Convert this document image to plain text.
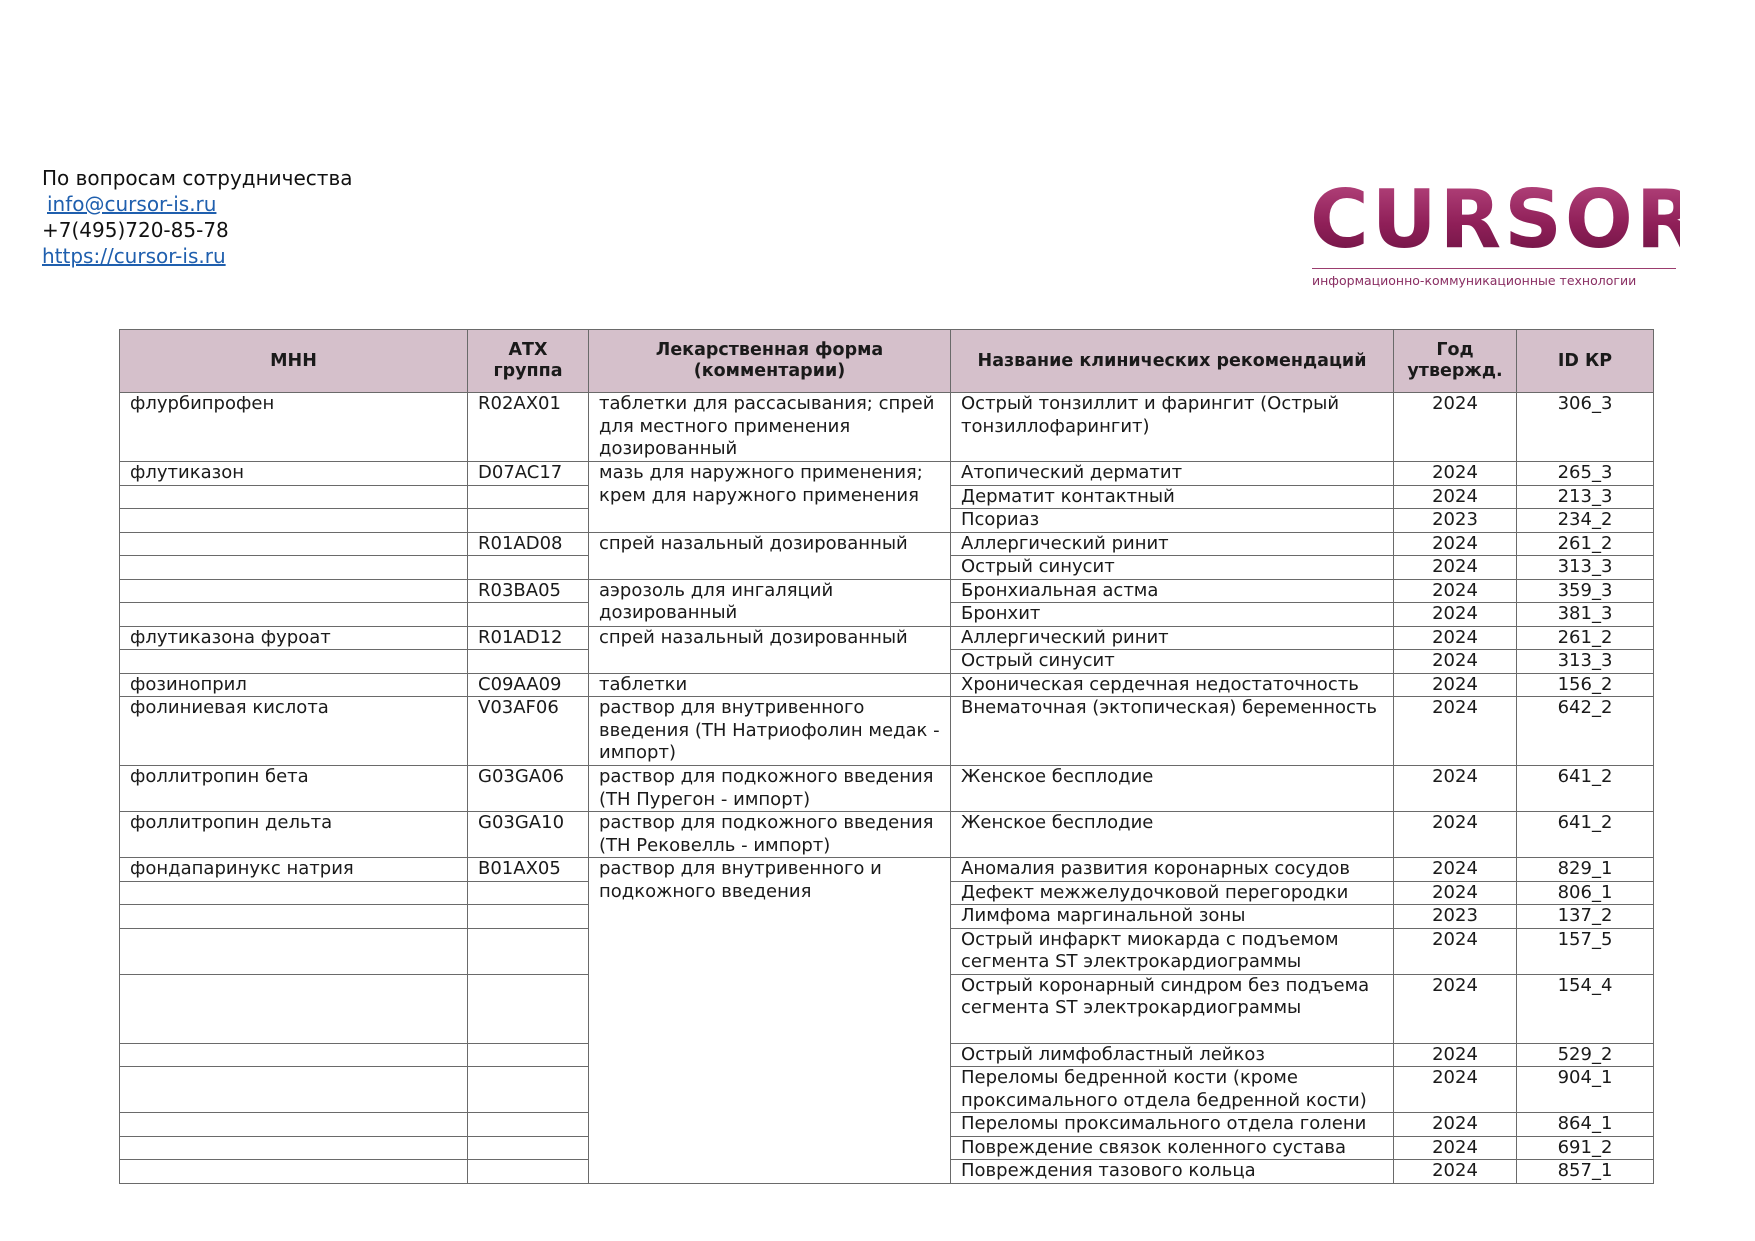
По вопросам сотрудничества
info@cursor-is.ru
+7(495)720-85-78
https://cursor-is.ru	CURSOR
информационно-коммуникационные технологии
МНН	АТХ группа	Лекарственная форма (комментарии)	Название клинических рекомендаций	Год утвержд.	ID КР
флурбипрофен	R02AX01	таблетки для рассасывания; спрей для местного применения дозированный	Острый тонзиллит и фарингит (Острый тонзиллофарингит)	2024	306_3
флутиказон	D07AC17	мазь для наружного применения; крем для наружного применения	Атопический дерматит	2024	265_3
			Дерматит контактный	2024	213_3
			Псориаз	2023	234_2
	R01AD08	спрей назальный дозированный	Аллергический ринит	2024	261_2
			Острый синусит	2024	313_3
	R03BA05	аэрозоль для ингаляций дозированный	Бронхиальная астма	2024	359_3
			Бронхит	2024	381_3
флутиказона фуроат	R01AD12	спрей назальный дозированный	Аллергический ринит	2024	261_2
			Острый синусит	2024	313_3
фозиноприл	C09AA09	таблетки	Хроническая сердечная недостаточность	2024	156_2
фолиниевая кислота	V03AF06	раствор для внутривенного введения (ТН Натриофолин медак - импорт)	Внематочная (эктопическая) беременность	2024	642_2
фоллитропин бета	G03GA06	раствор для подкожного введения (ТН Пурегон - импорт)	Женское бесплодие	2024	641_2
фоллитропин дельта	G03GA10	раствор для подкожного введения (ТН Рековелль - импорт)	Женское бесплодие	2024	641_2
фондапаринукс натрия	B01AX05	раствор для внутривенного и подкожного введения	Аномалия развития коронарных сосудов	2024	829_1
			Дефект межжелудочковой перегородки	2024	806_1
			Лимфома маргинальной зоны	2023	137_2
			Острый инфаркт миокарда с подъемом сегмента ST электрокардиограммы	2024	157_5
			Острый коронарный синдром без подъема сегмента ST электрокардиограммы	2024	154_4
			Острый лимфобластный лейкоз	2024	529_2
			Переломы бедренной кости (кроме проксимального отдела бедренной кости)	2024	904_1
			Переломы проксимального отдела голени	2024	864_1
			Повреждение связок коленного сустава	2024	691_2
			Повреждения тазового кольца	2024	857_1
